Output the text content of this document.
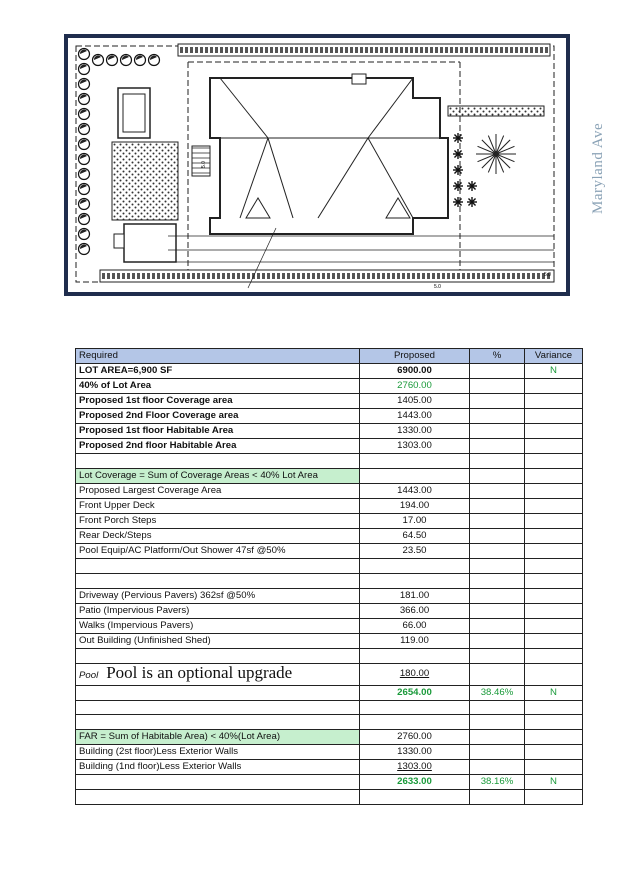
5.0
5.0
5.0
Maryland Ave
Required	Proposed	%	Variance
LOT AREA=6,900 SF	6900.00		N
40% of Lot Area	2760.00		
Proposed 1st floor Coverage area	1405.00		
Proposed 2nd Floor Coverage area	1443.00		
Proposed 1st floor Habitable Area	1330.00		
Proposed 2nd floor Habitable Area	1303.00		

Lot Coverage = Sum of Coverage Areas < 40% Lot Area			
Proposed Largest Coverage Area	1443.00		
Front Upper Deck	194.00		
Front Porch Steps	17.00		
Rear Deck/Steps	64.50		
Pool Equip/AC Platform/Out Shower 47sf @50%	23.50		

Driveway (Pervious Pavers) 362sf @50%	181.00		
Patio (Impervious Pavers)	366.00		
Walks (Impervious Pavers)	66.00		
Out Building (Unfinished Shed)	119.00		

Pool Pool is an optional upgrade	180.00		
	2654.00	38.46%	N

FAR = Sum of Habitable Area) < 40%(Lot Area)	2760.00		
Building (2st floor)Less Exterior Walls	1330.00		
Building (1nd floor)Less Exterior Walls	1303.00		
	2633.00	38.16%	N
